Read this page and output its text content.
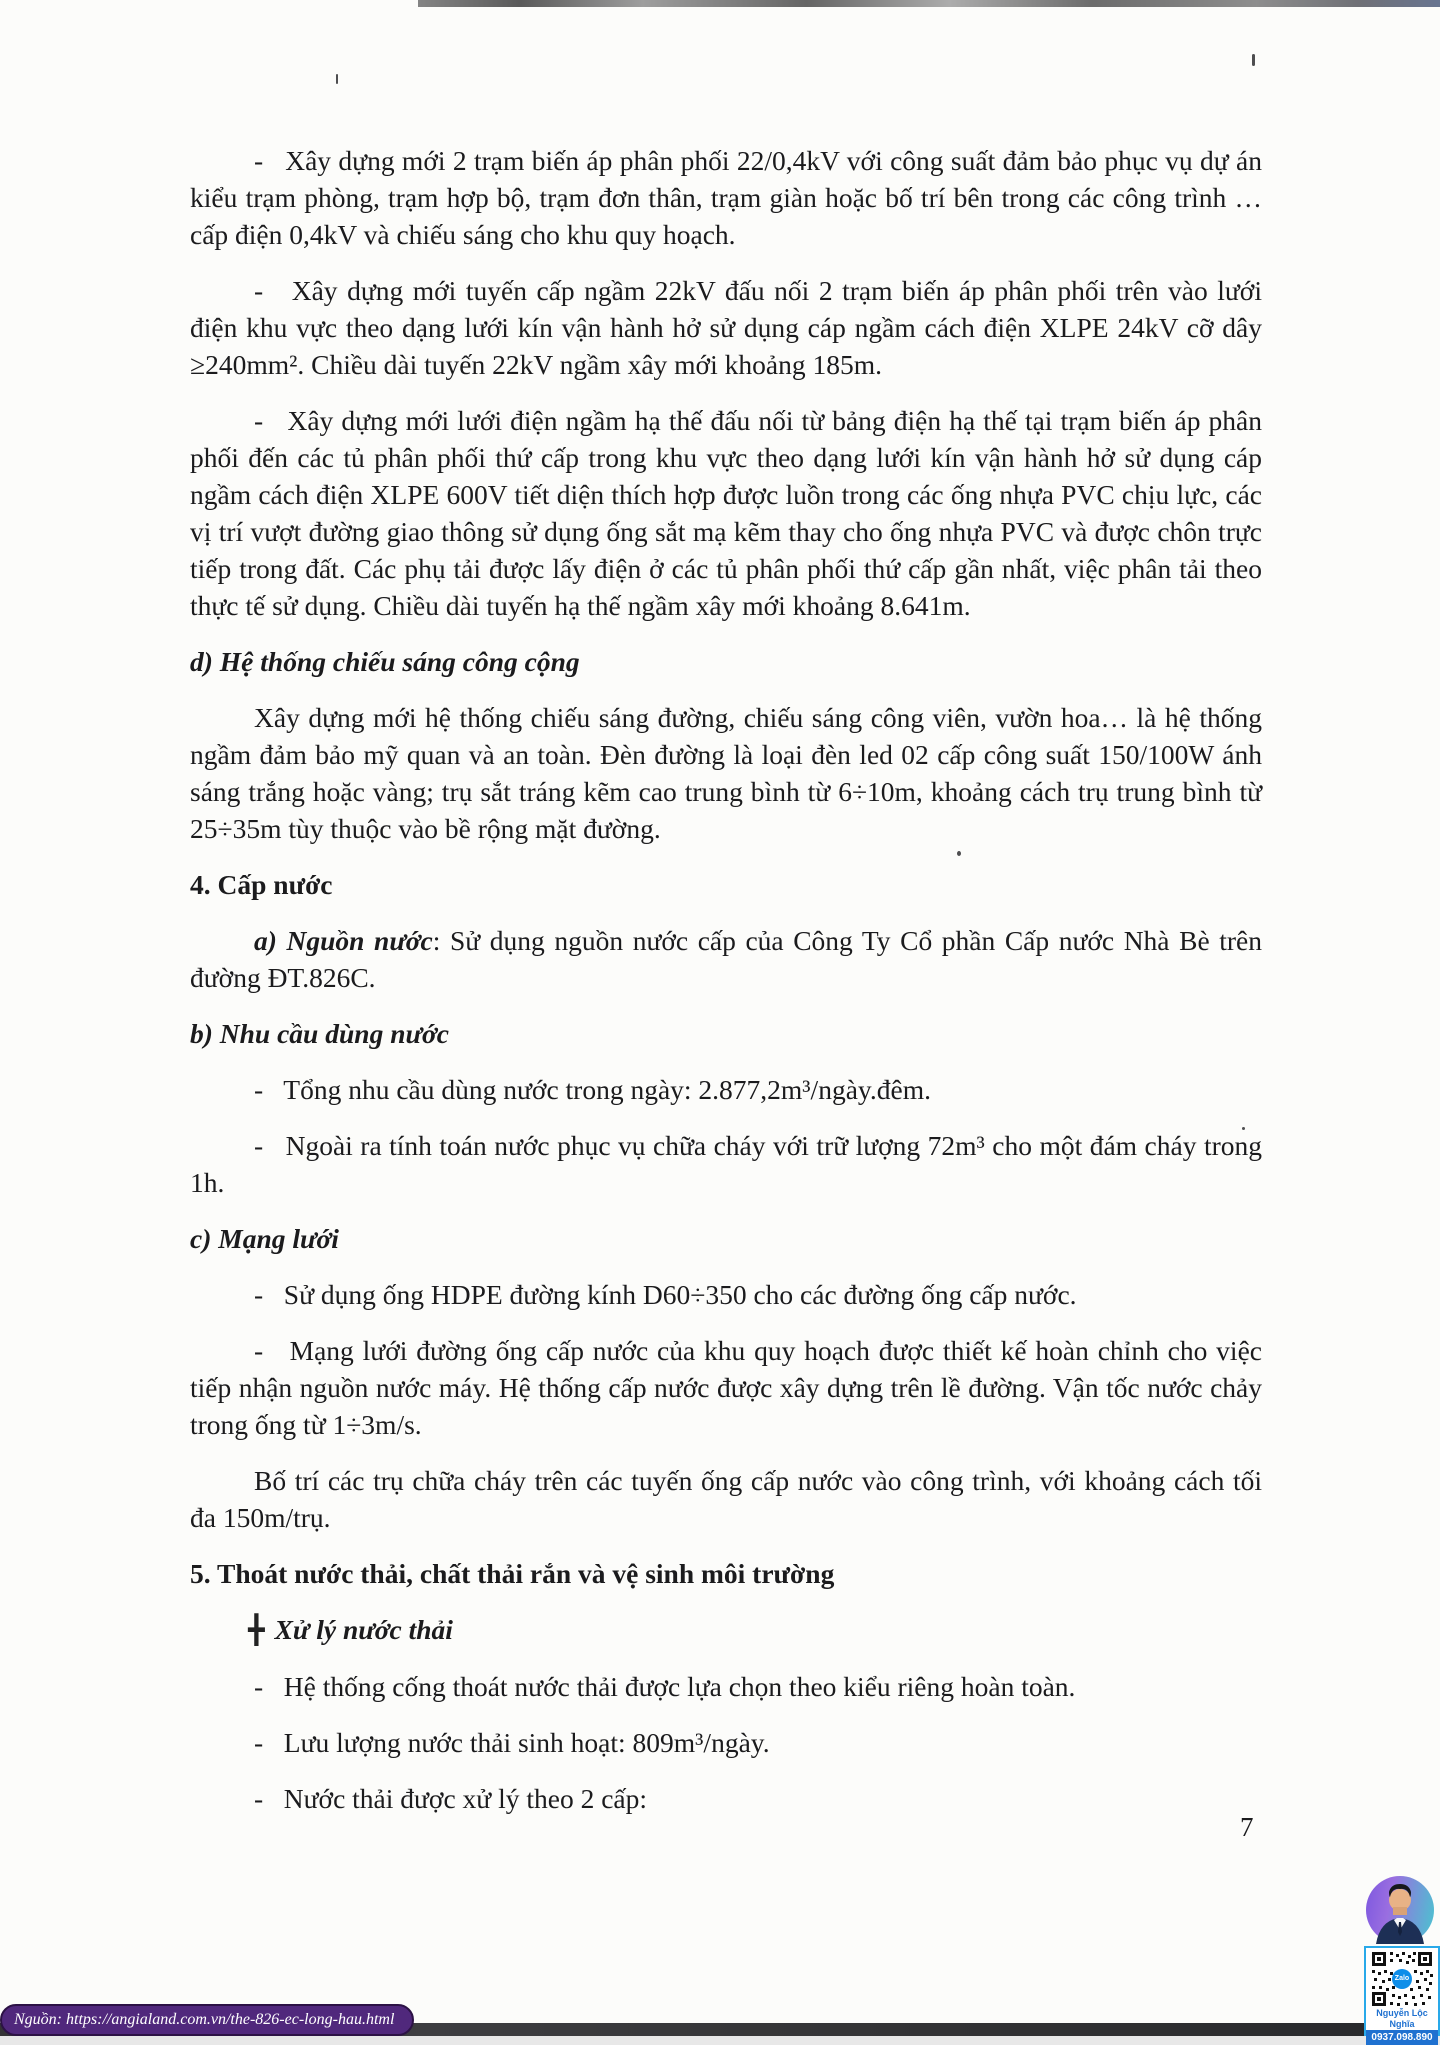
-   Xây dựng mới 2 trạm biến áp phân phối 22/0,4kV với công suất đảm bảo phục vụ dự án kiểu trạm phòng, trạm hợp bộ, trạm đơn thân, trạm giàn hoặc bố trí bên trong các công trình … cấp điện 0,4kV và chiếu sáng cho khu quy hoạch.

-   Xây dựng mới tuyến cấp ngầm 22kV đấu nối 2 trạm biến áp phân phối trên vào lưới điện khu vực theo dạng lưới kín vận hành hở sử dụng cáp ngầm cách điện XLPE 24kV cỡ dây ≥240mm². Chiều dài tuyến 22kV ngầm xây mới khoảng 185m.

-   Xây dựng mới lưới điện ngầm hạ thế đấu nối từ bảng điện hạ thế tại trạm biến áp phân phối đến các tủ phân phối thứ cấp trong khu vực theo dạng lưới kín vận hành hở sử dụng cáp ngầm cách điện XLPE 600V tiết diện thích hợp được luồn trong các ống nhựa PVC chịu lực, các vị trí vượt đường giao thông sử dụng ống sắt mạ kẽm thay cho ống nhựa PVC và được chôn trực tiếp trong đất. Các phụ tải được lấy điện ở các tủ phân phối thứ cấp gần nhất, việc phân tải theo thực tế sử dụng. Chiều dài tuyến hạ thế ngầm xây mới khoảng 8.641m.

d) Hệ thống chiếu sáng công cộng

Xây dựng mới hệ thống chiếu sáng đường, chiếu sáng công viên, vườn hoa… là hệ thống ngầm đảm bảo mỹ quan và an toàn. Đèn đường là loại đèn led 02 cấp công suất 150/100W ánh sáng trắng hoặc vàng; trụ sắt tráng kẽm cao trung bình từ 6÷10m, khoảng cách trụ trung bình từ 25÷35m tùy thuộc vào bề rộng mặt đường.

4. Cấp nước

a) Nguồn nước: Sử dụng nguồn nước cấp của Công Ty Cổ phần Cấp nước Nhà Bè trên đường ĐT.826C.

b) Nhu cầu dùng nước

-   Tổng nhu cầu dùng nước trong ngày: 2.877,2m³/ngày.đêm.

-   Ngoài ra tính toán nước phục vụ chữa cháy với trữ lượng 72m³ cho một đám cháy trong 1h.

c) Mạng lưới

-   Sử dụng ống HDPE đường kính D60÷350 cho các đường ống cấp nước.

-   Mạng lưới đường ống cấp nước của khu quy hoạch được thiết kế hoàn chỉnh cho việc tiếp nhận nguồn nước máy. Hệ thống cấp nước được xây dựng trên lề đường. Vận tốc nước chảy trong ống từ 1÷3m/s.

Bố trí các trụ chữa cháy trên các tuyến ống cấp nước vào công trình, với khoảng cách tối đa 150m/trụ.

5. Thoát nước thải, chất thải rắn và vệ sinh môi trường

╋ Xử lý nước thải

-   Hệ thống cống thoát nước thải được lựa chọn theo kiểu riêng hoàn toàn.

-   Lưu lượng nước thải sinh hoạt: 809m³/ngày.

-   Nước thải được xử lý theo 2 cấp:

7
Nguồn: https://angialand.com.vn/the-826-ec-long-hau.html
Zalo
Nguyễn Lộc Nghĩa
0937.098.890
